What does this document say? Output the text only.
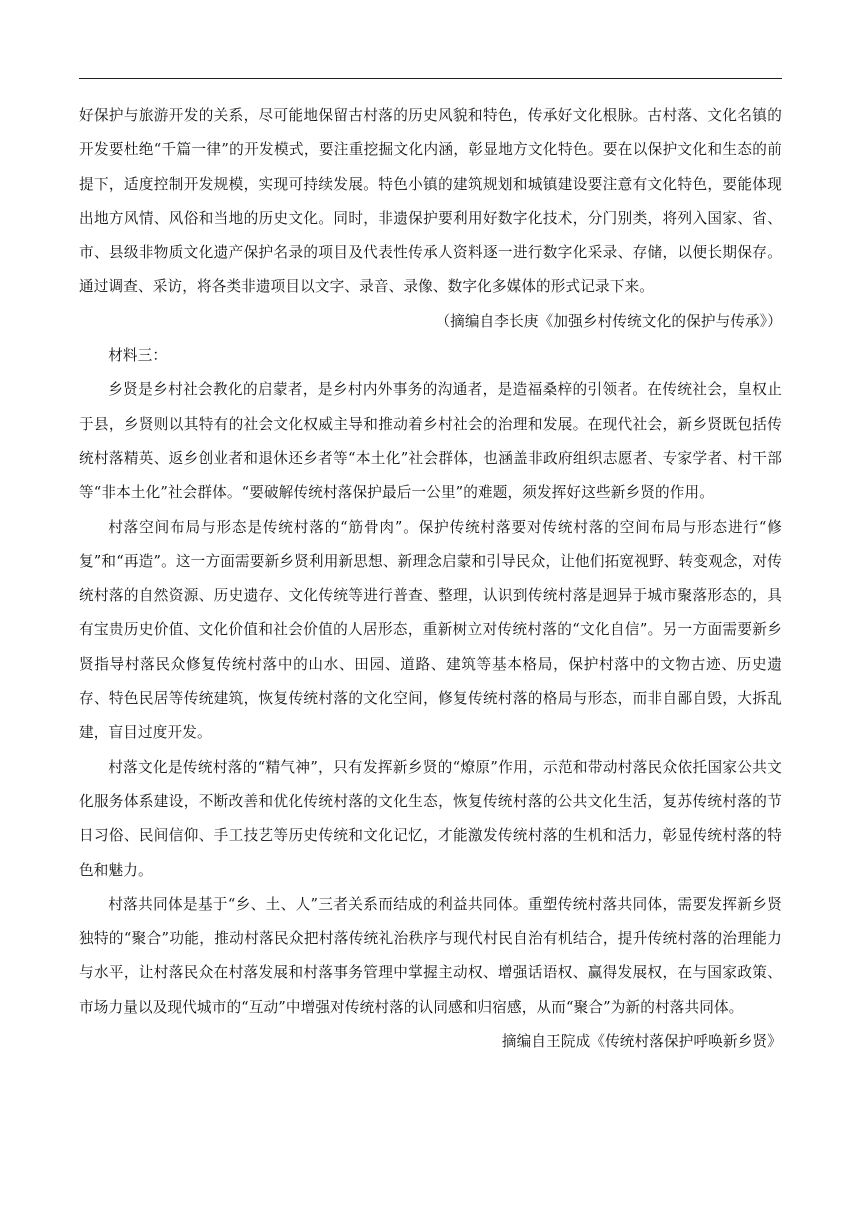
好保护与旅游开发的关系，尽可能地保留古村落的历史风貌和特色，传承好文化根脉。古村落、文化名镇的开发要杜绝“千篇一律”的开发模式，要注重挖掘文化内涵，彰显地方文化特色。要在以保护文化和生态的前提下，适度控制开发规模，实现可持续发展。特色小镇的建筑规划和城镇建设要注意有文化特色，要能体现出地方风情、风俗和当地的历史文化。同时，非遗保护要利用好数字化技术，分门别类，将列入国家、省、市、县级非物质文化遗产保护名录的项目及代表性传承人资料逐一进行数字化采录、存储，以便长期保存。通过调查、采访，将各类非遗项目以文字、录音、录像、数字化多媒体的形式记录下来。

（摘编自李长庚《加强乡村传统文化的保护与传承》）

材料三：

乡贤是乡村社会教化的启蒙者，是乡村内外事务的沟通者，是造福桑梓的引领者。在传统社会，皇权止于县，乡贤则以其特有的社会文化权威主导和推动着乡村社会的治理和发展。在现代社会，新乡贤既包括传统村落精英、返乡创业者和退休还乡者等“本土化”社会群体，也涵盖非政府组织志愿者、专家学者、村干部等“非本土化”社会群体。“要破解传统村落保护最后一公里”的难题，须发挥好这些新乡贤的作用。

村落空间布局与形态是传统村落的“筋骨肉”。保护传统村落要对传统村落的空间布局与形态进行“修复”和“再造”。这一方面需要新乡贤利用新思想、新理念启蒙和引导民众，让他们拓宽视野、转变观念，对传统村落的自然资源、历史遗存、文化传统等进行普查、整理，认识到传统村落是迥异于城市聚落形态的，具有宝贵历史价值、文化价值和社会价值的人居形态，重新树立对传统村落的“文化自信”。另一方面需要新乡贤指导村落民众修复传统村落中的山水、田园、道路、建筑等基本格局，保护村落中的文物古迹、历史遗存、特色民居等传统建筑，恢复传统村落的文化空间，修复传统村落的格局与形态，而非自鄙自毁，大拆乱建，盲目过度开发。

村落文化是传统村落的“精气神”，只有发挥新乡贤的“燎原”作用，示范和带动村落民众依托国家公共文化服务体系建设，不断改善和优化传统村落的文化生态，恢复传统村落的公共文化生活，复苏传统村落的节日习俗、民间信仰、手工技艺等历史传统和文化记忆，才能激发传统村落的生机和活力，彰显传统村落的特色和魅力。

村落共同体是基于“乡、土、人”三者关系而结成的利益共同体。重塑传统村落共同体，需要发挥新乡贤独特的“聚合”功能，推动村落民众把村落传统礼治秩序与现代村民自治有机结合，提升传统村落的治理能力与水平，让村落民众在村落发展和村落事务管理中掌握主动权、增强话语权、赢得发展权，在与国家政策、市场力量以及现代城市的“互动”中增强对传统村落的认同感和归宿感，从而“聚合”为新的村落共同体。

摘编自王院成《传统村落保护呼唤新乡贤》
